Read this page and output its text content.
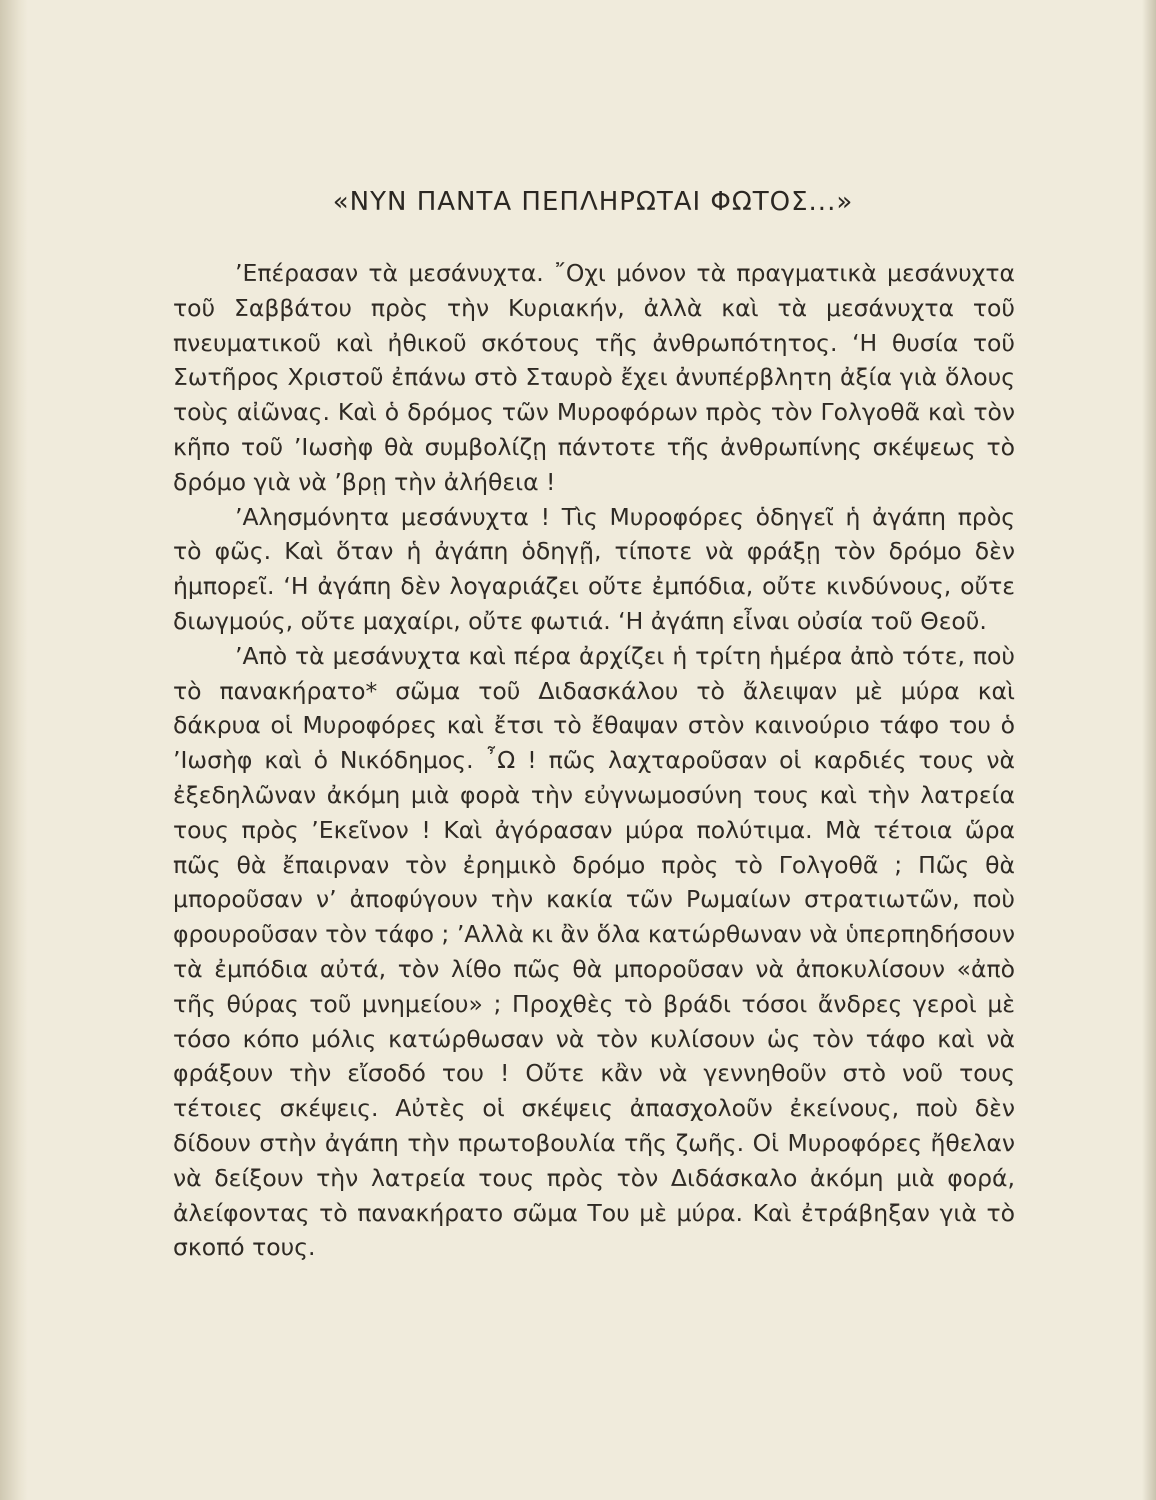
«ΝΥΝ ΠΑΝΤΑ ΠΕΠΛΗΡΩΤΑΙ ΦΩΤΟΣ...»

’Επέρασαν τὰ μεσάνυχτα. ῎Οχι μόνον τὰ πραγματικὰ μεσάνυχτα τοῦ Σαββάτου πρὸς τὴν Κυριακήν, ἀλλὰ καὶ τὰ μεσάνυχτα τοῦ πνευματικοῦ καὶ ἠθικοῦ σκότους τῆς ἀνθρωπότητος. ‘Η θυσία τοῦ Σωτῆρος Χριστοῦ ἐπάνω στὸ Σταυρὸ ἔχει ἀνυπέρβλητη ἀξία γιὰ ὅλους τοὺς αἰῶνας. Καὶ ὁ δρόμος τῶν Μυροφόρων πρὸς τὸν Γολγοθᾶ καὶ τὸν κῆπο τοῦ ’Ιωσὴφ θὰ συμβολίζῃ πάντοτε τῆς ἀνθρωπίνης σκέψεως τὸ δρόμο γιὰ νὰ ’βρῃ τὴν ἀλήθεια !

’Αλησμόνητα μεσάνυχτα ! Τὶς Μυροφόρες ὁδηγεῖ ἡ ἀγάπη πρὸς τὸ φῶς. Καὶ ὅταν ἡ ἀγάπη ὁδηγῇ, τίποτε νὰ φράξῃ τὸν δρόμο δὲν ἠμπορεῖ. ‘Η ἀγάπη δὲν λογαριάζει οὔτε ἐμπόδια, οὔτε κινδύνους, οὔτε διωγμούς, οὔτε μαχαίρι, οὔτε φωτιά. ‘Η ἀγάπη εἶναι οὐσία τοῦ Θεοῦ.

’Απὸ τὰ μεσάνυχτα καὶ πέρα ἀρχίζει ἡ τρίτη ἡμέρα ἀπὸ τότε, ποὺ τὸ πανακήρατο* σῶμα τοῦ Διδασκάλου τὸ ἄλειψαν μὲ μύρα καὶ δάκρυα οἱ Μυροφόρες καὶ ἔτσι τὸ ἔθαψαν στὸν καινούριο τάφο του ὁ ’Ιωσὴφ καὶ ὁ Νικόδημος. ῏Ω ! πῶς λαχταροῦσαν οἱ καρδιές τους νὰ ἐξεδηλῶναν ἀκόμη μιὰ φορὰ τὴν εὐγνωμοσύνη τους καὶ τὴν λατρεία τους πρὸς ’Εκεῖνον ! Καὶ ἀγόρασαν μύρα πολύτιμα. Μὰ τέτοια ὥρα πῶς θὰ ἔπαιρναν τὸν ἐρημικὸ δρόμο πρὸς τὸ Γολγοθᾶ ; Πῶς θὰ μποροῦσαν ν’ ἀποφύγουν τὴν κακία τῶν Ρωμαίων στρατιωτῶν, ποὺ φρουροῦσαν τὸν τάφο ; ’Αλλὰ κι ἂν ὅλα κατώρθωναν νὰ ὑπερπηδήσουν τὰ ἐμπόδια αὐτά, τὸν λίθο πῶς θὰ μποροῦσαν νὰ ἀποκυλίσουν «ἀπὸ τῆς θύρας τοῦ μνημείου» ; Προχθὲς τὸ βράδι τόσοι ἄνδρες γεροὶ μὲ τόσο κόπο μόλις κατώρθωσαν νὰ τὸν κυλίσουν ὡς τὸν τάφο καὶ νὰ φράξουν τὴν εἴσοδό του ! Οὔτε κἂν νὰ γεννηθοῦν στὸ νοῦ τους τέτοιες σκέψεις. Αὐτὲς οἱ σκέψεις ἀπασχολοῦν ἐκείνους, ποὺ δὲν δίδουν στὴν ἀγάπη τὴν πρωτοβουλία τῆς ζωῆς. Οἱ Μυροφόρες ἤθελαν νὰ δείξουν τὴν λατρεία τους πρὸς τὸν Διδάσκαλο ἀκόμη μιὰ φορά, ἀλείφοντας τὸ πανακήρατο σῶμα Του μὲ μύρα. Καὶ ἐτράβηξαν γιὰ τὸ σκοπό τους.
